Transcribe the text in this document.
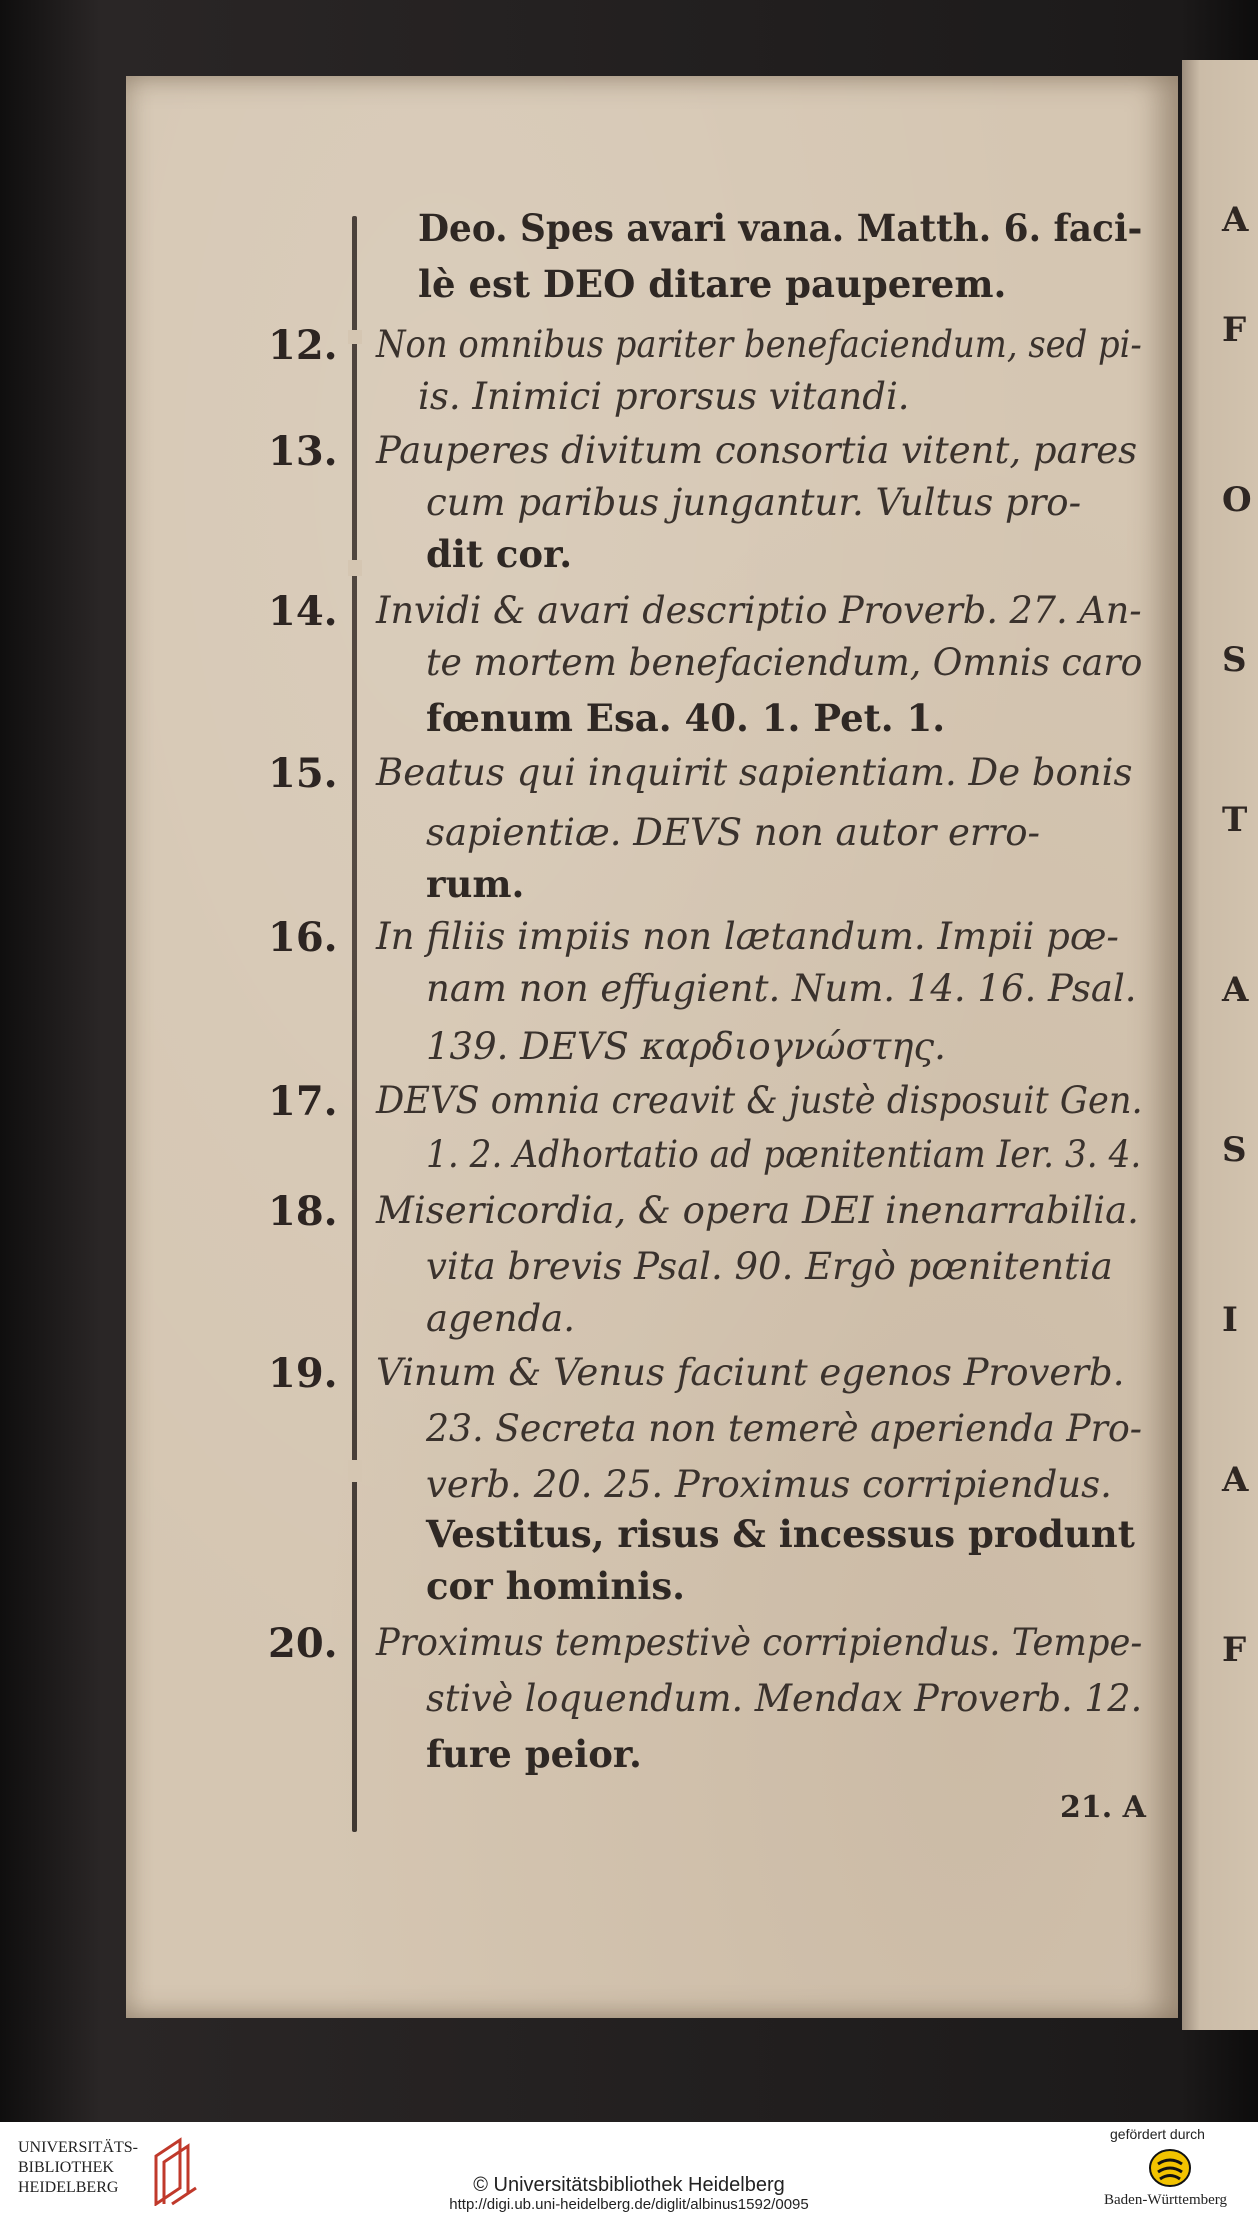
A
F
O
S
T
A
S
I
A
F
Deo. Spes avari vana. Matth. 6. faci-
lè est DEO ditare pauperem.
12. Non omnibus pariter benefaciendum, sed pi-
is. Inimici prorsus vitandi.
13. Pauperes divitum consortia vitent, pares
cum paribus jungantur. Vultus pro-
dit cor.
14. Invidi & avari descriptio Proverb. 27. An-
te mortem benefaciendum, Omnis caro
fœnum Esa. 40. 1. Pet. 1.
15. Beatus qui inquirit sapientiam. De bonis
sapientiæ. DEVS non autor erro-
rum.
16. In filiis impiis non lætandum. Impii pœ-
nam non effugient. Num. 14. 16. Psal.
139. DEVS καρδιογνώστης.
17. DEVS omnia creavit & justè disposuit Gen.
1. 2. Adhortatio ad pœnitentiam Ier. 3. 4.
18. Misericordia, & opera DEI inenarrabilia.
vita brevis Psal. 90. Ergò pœnitentia
agenda.
19. Vinum & Venus faciunt egenos Proverb.
23. Secreta non temerè aperienda Pro-
verb. 20. 25. Proximus corripiendus.
Vestitus, risus & incessus produnt
cor hominis.
20. Proximus tempestivè corripiendus. Tempe-
stivè loquendum. Mendax Proverb. 12.
fure peior.
21. A
UNIVERSITÄTS-
BIBLIOTHEK
HEIDELBERG	© Universitätsbibliothek Heidelberg
http://digi.ub.uni-heidelberg.de/diglit/albinus1592/0095
gefördert durch
Baden-Württemberg
